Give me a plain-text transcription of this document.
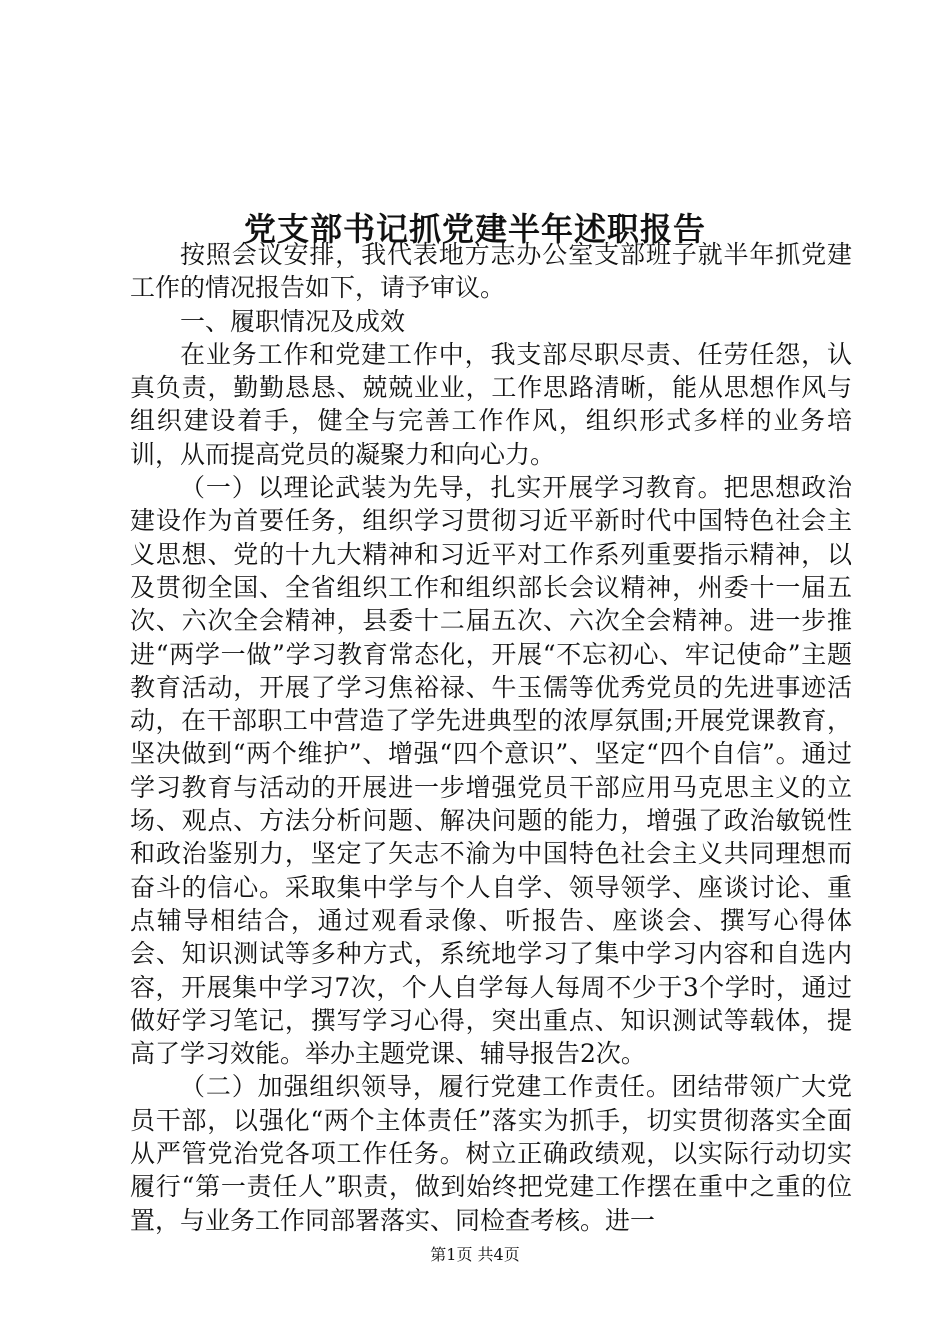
党支部书记抓党建半年述职报告

按照会议安排，我代表地方志办公室支部班子就半年抓党建工作的情况报告如下，请予审议。

一、履职情况及成效

在业务工作和党建工作中，我支部尽职尽责、任劳任怨，认真负责，勤勤恳恳、兢兢业业，工作思路清晰，能从思想作风与组织建设着手，健全与完善工作作风，组织形式多样的业务培训，从而提高党员的凝聚力和向心力。

（一）以理论武装为先导，扎实开展学习教育。把思想政治建设作为首要任务，组织学习贯彻习近平新时代中国特色社会主义思想、党的十九大精神和习近平对工作系列重要指示精神，以及贯彻全国、全省组织工作和组织部长会议精神，州委十一届五次、六次全会精神，县委十二届五次、六次全会精神。进一步推进“两学一做”学习教育常态化，开展“不忘初心、牢记使命”主题教育活动，开展了学习焦裕禄、牛玉儒等优秀党员的先进事迹活动，在干部职工中营造了学先进典型的浓厚氛围;开展党课教育，坚决做到“两个维护”、增强“四个意识”、坚定“四个自信”。通过学习教育与活动的开展进一步增强党员干部应用马克思主义的立场、观点、方法分析问题、解决问题的能力，增强了政治敏锐性和政治鉴别力，坚定了矢志不渝为中国特色社会主义共同理想而奋斗的信心。采取集中学与个人自学、领导领学、座谈讨论、重点辅导相结合，通过观看录像、听报告、座谈会、撰写心得体会、知识测试等多种方式，系统地学习了集中学习内容和自选内容，开展集中学习7次，个人自学每人每周不少于3个学时，通过做好学习笔记，撰写学习心得，突出重点、知识测试等载体，提高了学习效能。举办主题党课、辅导报告2次。

（二）加强组织领导，履行党建工作责任。团结带领广大党员干部，以强化“两个主体责任”落实为抓手，切实贯彻落实全面从严管党治党各项工作任务。树立正确政绩观，以实际行动切实履行“第一责任人”职责，做到始终把党建工作摆在重中之重的位置，与业务工作同部署落实、同检查考核。进一

第1页 共4页
